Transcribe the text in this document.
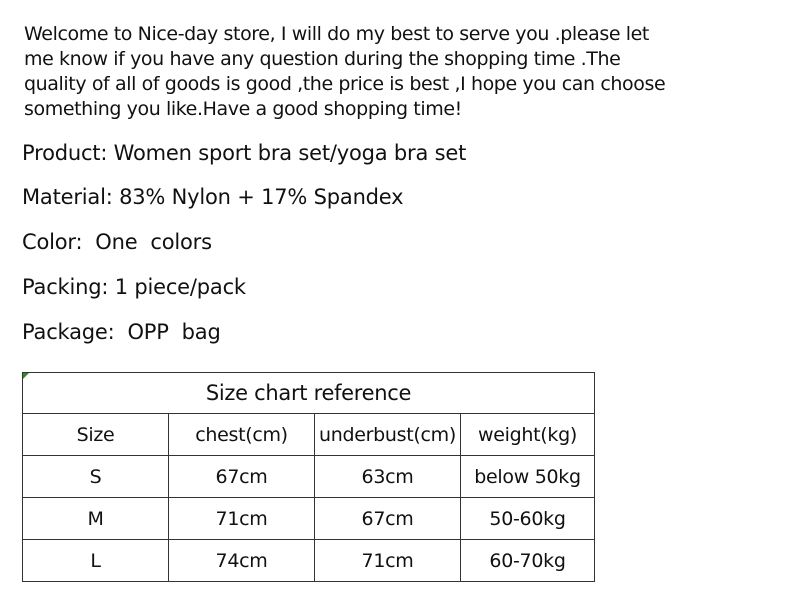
Welcome to Nice-day store, I will do my best to serve you .please let
me know if you have any question during the shopping time .The
quality of all of goods is good ,the price is best ,I hope you can choose
something you like.Have a good shopping time!

Product: Women sport bra set/yoga bra set

Material: 83% Nylon + 17% Spandex

Color:  One  colors

Packing: 1 piece/pack

Package:  OPP  bag

Size chart reference			
Size	chest(cm)	underbust(cm)	weight(kg)
S	67cm	63cm	below 50kg
M	71cm	67cm	50-60kg
L	74cm	71cm	60-70kg
